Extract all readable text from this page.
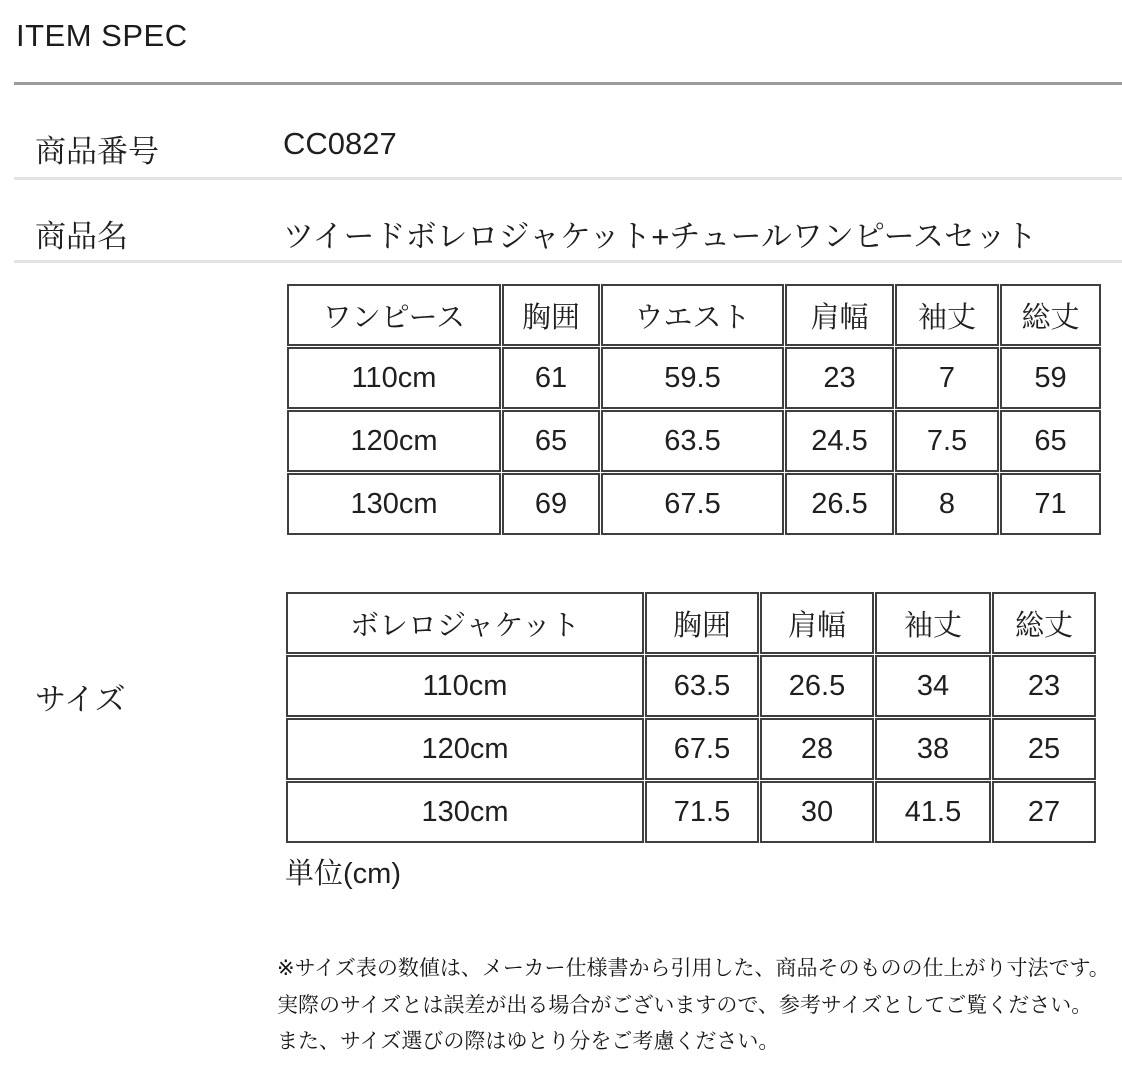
ITEM SPEC
商品番号	CC0827
商品名	ツイードボレロジャケット+チュールワンピースセット
サイズ
ワンピース	胸囲	ウエスト	肩幅	袖丈	総丈
110cm	61	59.5	23	7	59
120cm	65	63.5	24.5	7.5	65
130cm	69	67.5	26.5	8	71
ボレロジャケット	胸囲	肩幅	袖丈	総丈
110cm	63.5	26.5	34	23
120cm	67.5	28	38	25
130cm	71.5	30	41.5	27
単位(cm)
※サイズ表の数値は、メーカー仕様書から引用した、商品そのものの仕上がり寸法です。
実際のサイズとは誤差が出る場合がございますので、参考サイズとしてご覧ください。
また、サイズ選びの際はゆとり分をご考慮ください。
